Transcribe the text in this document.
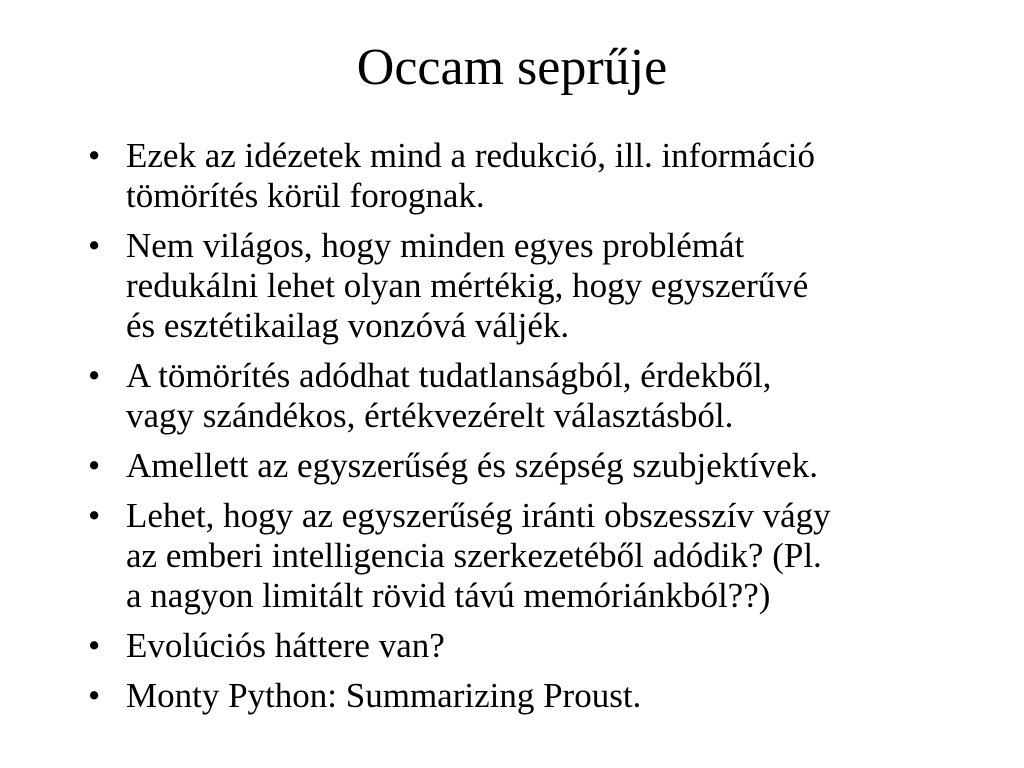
Occam seprűje
• Ezek az idézetek mind a redukció, ill. információ
tömörítés körül forognak.
• Nem világos, hogy minden egyes problémát
redukálni lehet olyan mértékig, hogy egyszerűvé
és esztétikailag vonzóvá váljék.
• A tömörítés adódhat tudatlanságból, érdekből,
vagy szándékos, értékvezérelt választásból.
• Amellett az egyszerűség és szépség szubjektívek.
• Lehet, hogy az egyszerűség iránti obszesszív vágy
az emberi intelligencia szerkezetéből adódik? (Pl.
a nagyon limitált rövid távú memóriánkból??)
• Evolúciós háttere van?
• Monty Python: Summarizing Proust.
